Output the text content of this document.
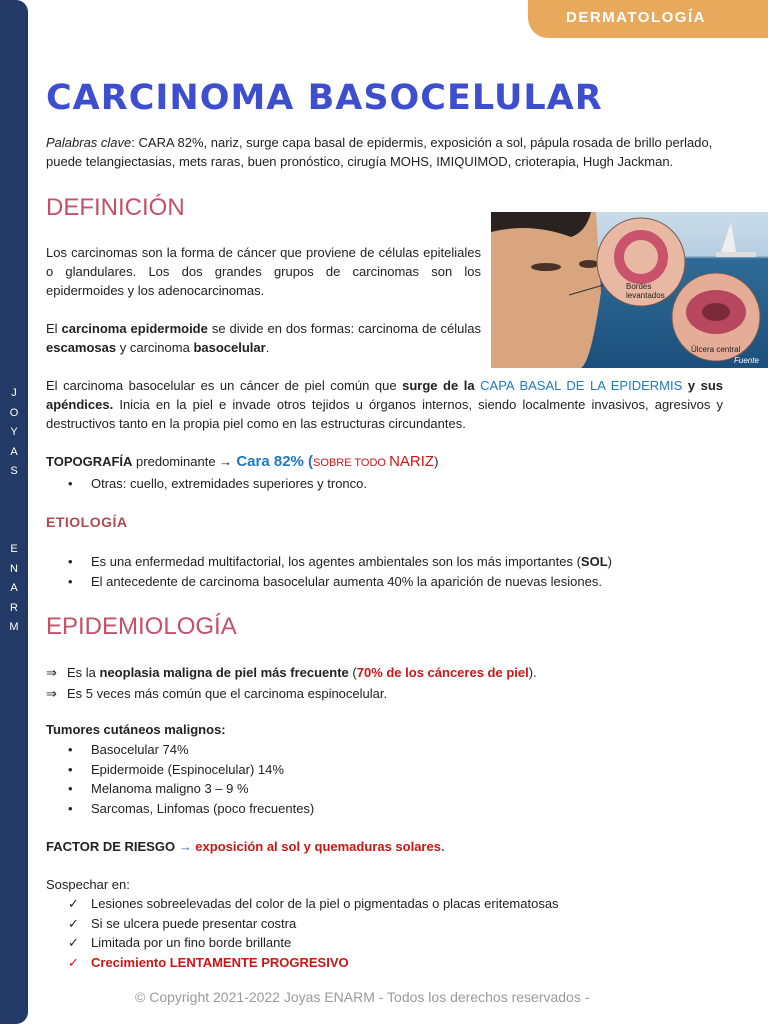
J
O
Y
A
S
E
N
A
R
M
DERMATOLOGÍA
CARCINOMA BASOCELULAR
Palabras clave: CARA 82%, nariz, surge capa basal de epidermis, exposición a sol, pápula rosada de brillo perlado, puede telangiectasias, mets raras, buen pronóstico, cirugía MOHS, IMIQUIMOD, crioterapia, Hugh Jackman.
DEFINICIÓN
Los carcinomas son la forma de cáncer que proviene de células epiteliales o glandulares. Los dos grandes grupos de carcinomas son los epidermoides y los adenocarcinomas.
El carcinoma epidermoide se divide en dos formas: carcinoma de células escamosas y carcinoma basocelular.
Bordes levantados
Úlcera central
Fuente
El carcinoma basocelular es un cáncer de piel común que surge de la CAPA BASAL DE LA EPIDERMIS y sus apéndices. Inicia en la piel e invade otros tejidos u órganos internos, siendo localmente invasivos, agresivos y destructivos tanto en la propia piel como en las estructuras circundantes.
TOPOGRAFÍA predominante → Cara 82% (SOBRE TODO NARIZ)
• Otras: cuello, extremidades superiores y tronco.
ETIOLOGÍA
• Es una enfermedad multifactorial, los agentes ambientales son los más importantes (SOL)
• El antecedente de carcinoma basocelular aumenta 40% la aparición de nuevas lesiones.
EPIDEMIOLOGÍA
⇒ Es la neoplasia maligna de piel más frecuente (70% de los cánceres de piel).
⇒ Es 5 veces más común que el carcinoma espinocelular.
Tumores cutáneos malignos:
• Basocelular 74%
• Epidermoide (Espinocelular) 14%
• Melanoma maligno 3 – 9 %
• Sarcomas, Linfomas (poco frecuentes)
FACTOR DE RIESGO → exposición al sol y quemaduras solares.
Sospechar en:
✓ Lesiones sobreelevadas del color de la piel o pigmentadas o placas eritematosas
✓ Si se ulcera puede presentar costra
✓ Limitada por un fino borde brillante
✓ Crecimiento LENTAMENTE PROGRESIVO
© Copyright 2021-2022 Joyas ENARM - Todos los derechos reservados -
